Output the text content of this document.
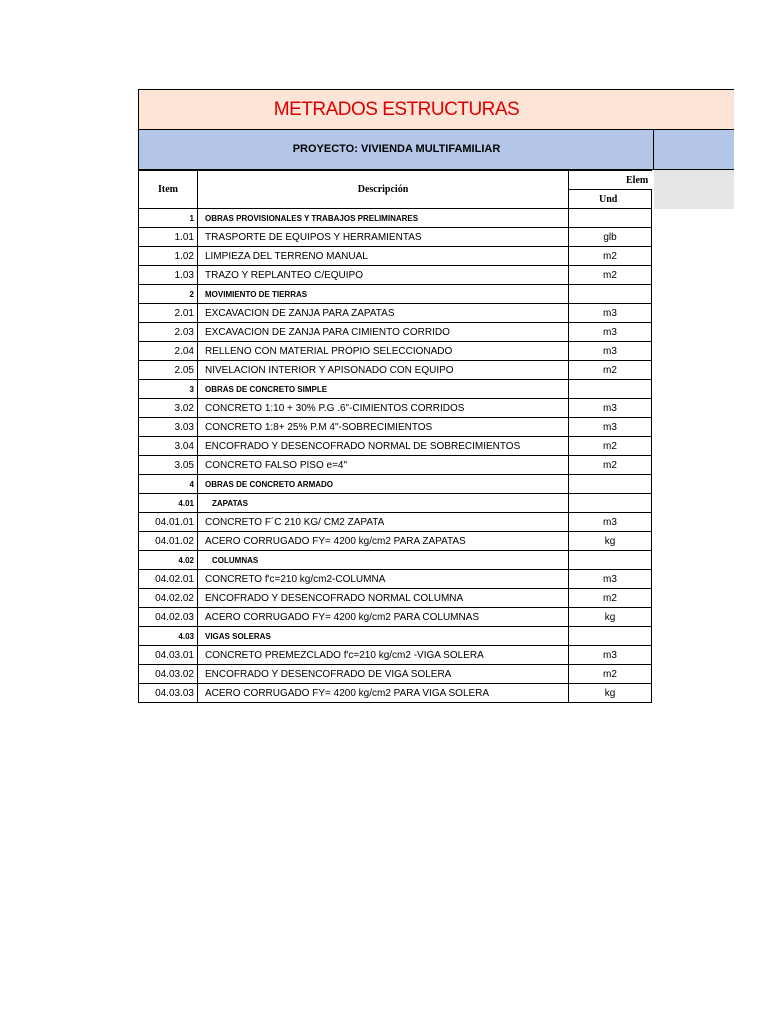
METRADOS ESTRUCTURAS
PROYECTO: VIVIENDA MULTIFAMILIAR
Item	Descripción	Elem
		Und
1	OBRAS PROVISIONALES Y TRABAJOS PRELIMINARES	
1.01	TRASPORTE DE EQUIPOS Y HERRAMIENTAS	glb
1.02	LIMPIEZA DEL TERRENO MANUAL	m2
1.03	TRAZO Y REPLANTEO C/EQUIPO	m2
2	MOVIMIENTO DE TIERRAS	
2.01	EXCAVACION DE ZANJA PARA ZAPATAS	m3
2.03	EXCAVACION DE ZANJA PARA CIMIENTO CORRIDO	m3
2.04	RELLENO CON MATERIAL PROPIO SELECCIONADO	m3
2.05	NIVELACION INTERIOR Y APISONADO CON EQUIPO	m2
3	OBRAS DE CONCRETO SIMPLE	
3.02	CONCRETO 1:10 + 30% P.G .6"-CIMIENTOS CORRIDOS	m3
3.03	CONCRETO 1:8+ 25% P.M 4"-SOBRECIMIENTOS	m3
3.04	ENCOFRADO Y DESENCOFRADO NORMAL DE SOBRECIMIENTOS	m2
3.05	CONCRETO FALSO PISO e=4"	m2
4	OBRAS DE CONCRETO ARMADO	
4.01	ZAPATAS	
04.01.01	CONCRETO F´C 210 KG/ CM2 ZAPATA	m3
04.01.02	ACERO CORRUGADO FY= 4200 kg/cm2 PARA ZAPATAS	kg
4.02	COLUMNAS	
04.02.01	CONCRETO f'c=210 kg/cm2-COLUMNA	m3
04.02.02	ENCOFRADO Y DESENCOFRADO NORMAL COLUMNA	m2
04.02.03	ACERO CORRUGADO FY= 4200 kg/cm2 PARA COLUMNAS	kg
4.03	VIGAS SOLERAS	
04.03.01	CONCRETO PREMEZCLADO f'c=210 kg/cm2 -VIGA SOLERA	m3
04.03.02	ENCOFRADO Y DESENCOFRADO DE VIGA SOLERA	m2
04.03.03	ACERO CORRUGADO FY= 4200 kg/cm2 PARA VIGA SOLERA	kg
